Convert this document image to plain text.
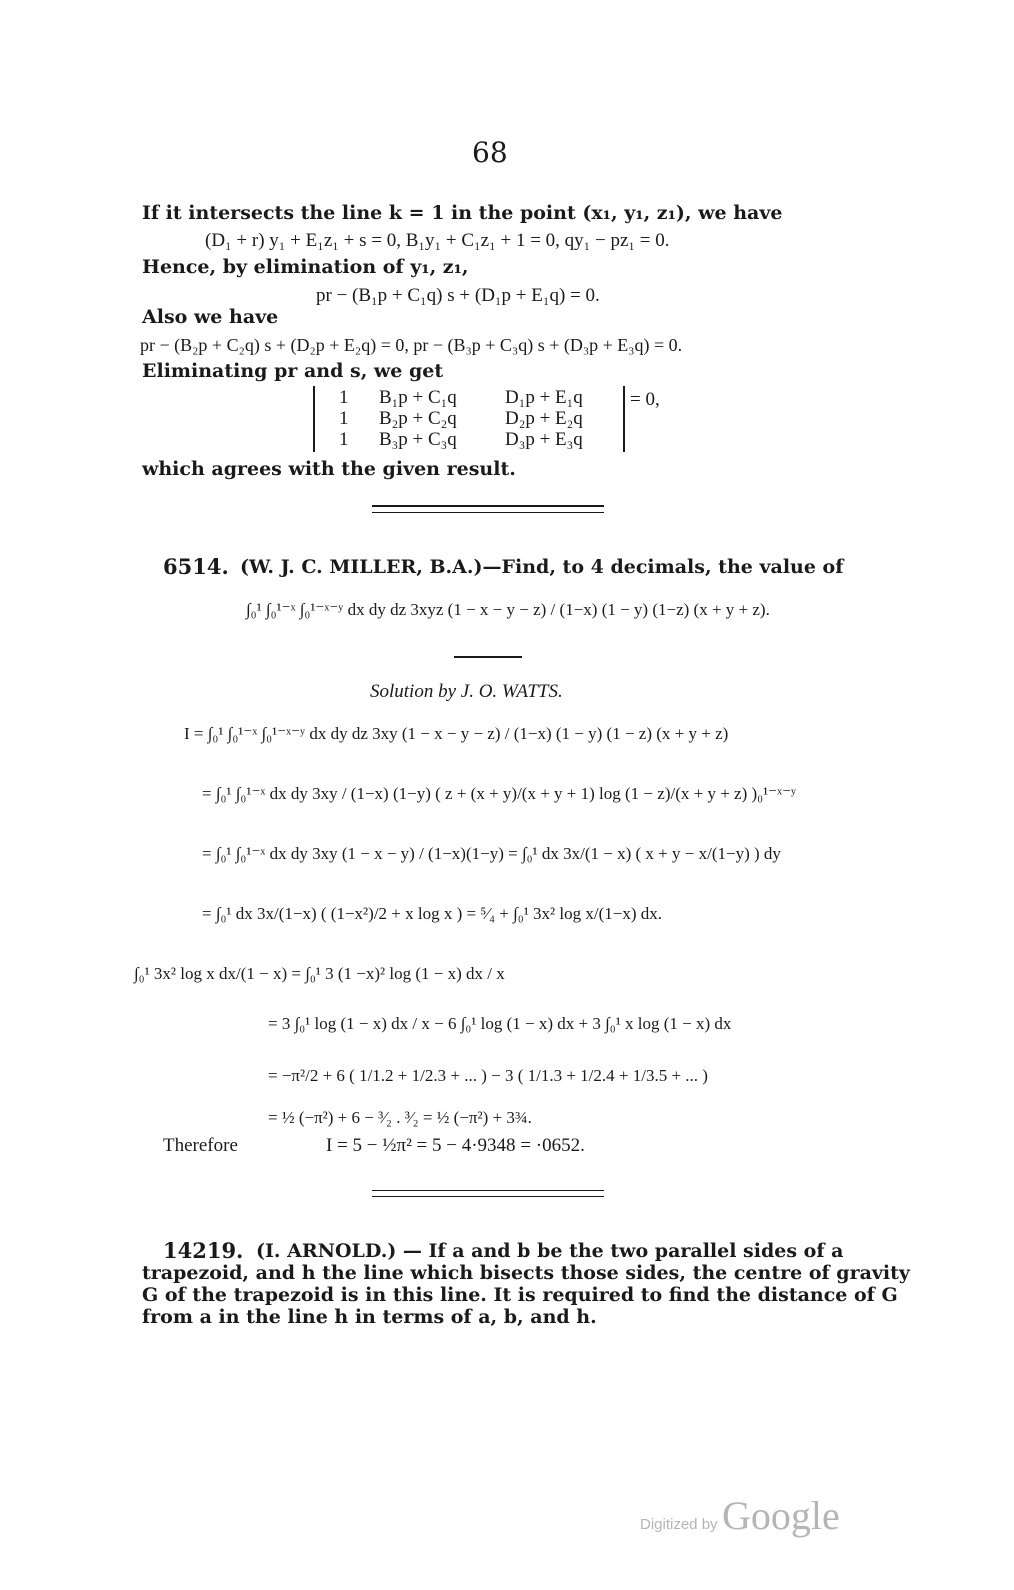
68
If it intersects the line k = 1 in the point (x₁, y₁, z₁), we have
(D₁ + r) y₁ + E₁z₁ + s = 0, B₁y₁ + C₁z₁ + 1 = 0, qy₁ − pz₁ = 0.
Hence, by elimination of y₁, z₁,
pr − (B₁p + C₁q) s + (D₁p + E₁q) = 0.
Also we have
pr − (B₂p + C₂q) s + (D₂p + E₂q) = 0, pr − (B₃p + C₃q) s + (D₃p + E₃q) = 0.
Eliminating pr and s, we get
1 B₁p + C₁q	D₁p + E₁q
1 B₂p + C₂q	D₂p + E₂q
1 B₃p + C₃q	D₃p + E₃q
= 0,
which agrees with the given result.
6514. (W. J. C. MILLER, B.A.)—Find, to 4 decimals, the value of
∫₀¹ ∫₀¹⁻ˣ ∫₀¹⁻ˣ⁻ʸ dx dy dz 3xyz (1 − x − y − z) / (1−x) (1 − y) (1−z) (x + y + z).
Solution by J. O. WATTS.
I = ∫₀¹ ∫₀¹⁻ˣ ∫₀¹⁻ˣ⁻ʸ dx dy dz 3xy (1 − x − y − z) / (1−x) (1 − y) (1 − z) (x + y + z)
= ∫₀¹ ∫₀¹⁻ˣ dx dy 3xy / (1−x) (1−y) ( z + (x + y)/(x + y + 1) log (1 − z)/(x + y + z) )₀¹⁻ˣ⁻ʸ
= ∫₀¹ ∫₀¹⁻ˣ dx dy 3xy (1 − x − y) / (1−x)(1−y) = ∫₀¹ dx 3x/(1 − x) ( x + y − x/(1−y) ) dy
= ∫₀¹ dx 3x/(1−x) ( (1−x²)/2 + x log x ) = ⁵⁄₄ + ∫₀¹ 3x² log x/(1−x) dx.
∫₀¹ 3x² log x dx/(1 − x) = ∫₀¹ 3 (1 −x)² log (1 − x) dx / x
= 3 ∫₀¹ log (1 − x) dx / x − 6 ∫₀¹ log (1 − x) dx + 3 ∫₀¹ x log (1 − x) dx
= −π²/2 + 6 ( 1/1.2 + 1/2.3 + ... ) − 3 ( 1/1.3 + 1/2.4 + 1/3.5 + ... )
= ½ (−π²) + 6 − ³⁄₂ . ³⁄₂ = ½ (−π²) + 3¾.
Therefore	I = 5 − ½π² = 5 − 4·9348 = ·0652.
14219. (I. ARNOLD.) — If a and b be the two parallel sides of a
trapezoid, and h the line which bisects those sides, the centre of gravity
G of the trapezoid is in this line. It is required to find the distance of G
from a in the line h in terms of a, b, and h.
Digitized by Google
